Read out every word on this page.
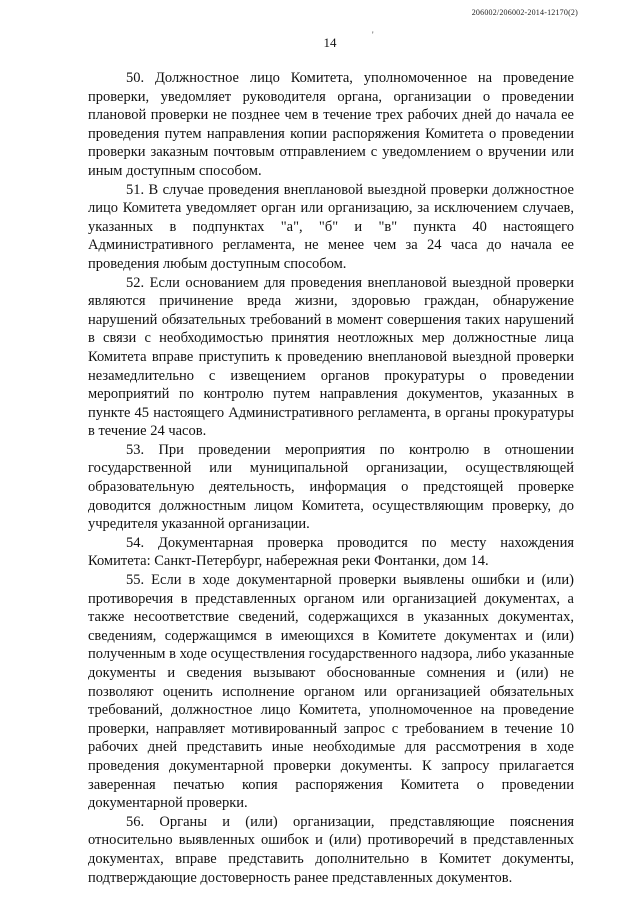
206002/206002-2014-12170(2)
'
14

50. Должностное лицо Комитета, уполномоченное на проведение проверки, уведомляет руководителя органа, организации о проведении плановой проверки не позднее чем в течение трех рабочих дней до начала ее проведения путем направления копии распоряжения Комитета о проведении проверки заказным почтовым отправлением с уведомлением о вручении или иным доступным способом.

51. В случае проведения внеплановой выездной проверки должностное лицо Комитета уведомляет орган или организацию, за исключением случаев, указанных в подпунктах "а", "б" и "в" пункта 40 настоящего Административного регламента, не менее чем за 24 часа до начала ее проведения любым доступным способом.

52. Если основанием для проведения внеплановой выездной проверки являются причинение вреда жизни, здоровью граждан, обнаружение нарушений обязательных требований в момент совершения таких нарушений в связи с необходимостью принятия неотложных мер должностные лица Комитета вправе приступить к проведению внеплановой выездной проверки незамедлительно с извещением органов прокуратуры о проведении мероприятий по контролю путем направления документов, указанных в пункте 45 настоящего Административного регламента, в органы прокуратуры в течение 24 часов.

53. При проведении мероприятия по контролю в отношении государственной или муниципальной организации, осуществляющей образовательную деятельность, информация о предстоящей проверке доводится должностным лицом Комитета, осуществляющим проверку, до учредителя указанной организации.

54. Документарная проверка проводится по месту нахождения Комитета: Санкт-Петербург, набережная реки Фонтанки, дом 14.

55. Если в ходе документарной проверки выявлены ошибки и (или) противоречия в представленных органом или организацией документах, а также несоответствие сведений, содержащихся в указанных документах, сведениям, содержащимся в имеющихся в Комитете документах и (или) полученным в ходе осуществления государственного надзора, либо указанные документы и сведения вызывают обоснованные сомнения и (или) не позволяют оценить исполнение органом или организацией обязательных требований, должностное лицо Комитета, уполномоченное на проведение проверки, направляет мотивированный запрос с требованием в течение 10 рабочих дней представить иные необходимые для рассмотрения в ходе проведения документарной проверки документы. К запросу прилагается заверенная печатью копия распоряжения Комитета о проведении документарной проверки.

56. Органы и (или) организации, представляющие пояснения относительно выявленных ошибок и (или) противоречий в представленных документах, вправе представить дополнительно в Комитет документы, подтверждающие достоверность ранее представленных документов.
